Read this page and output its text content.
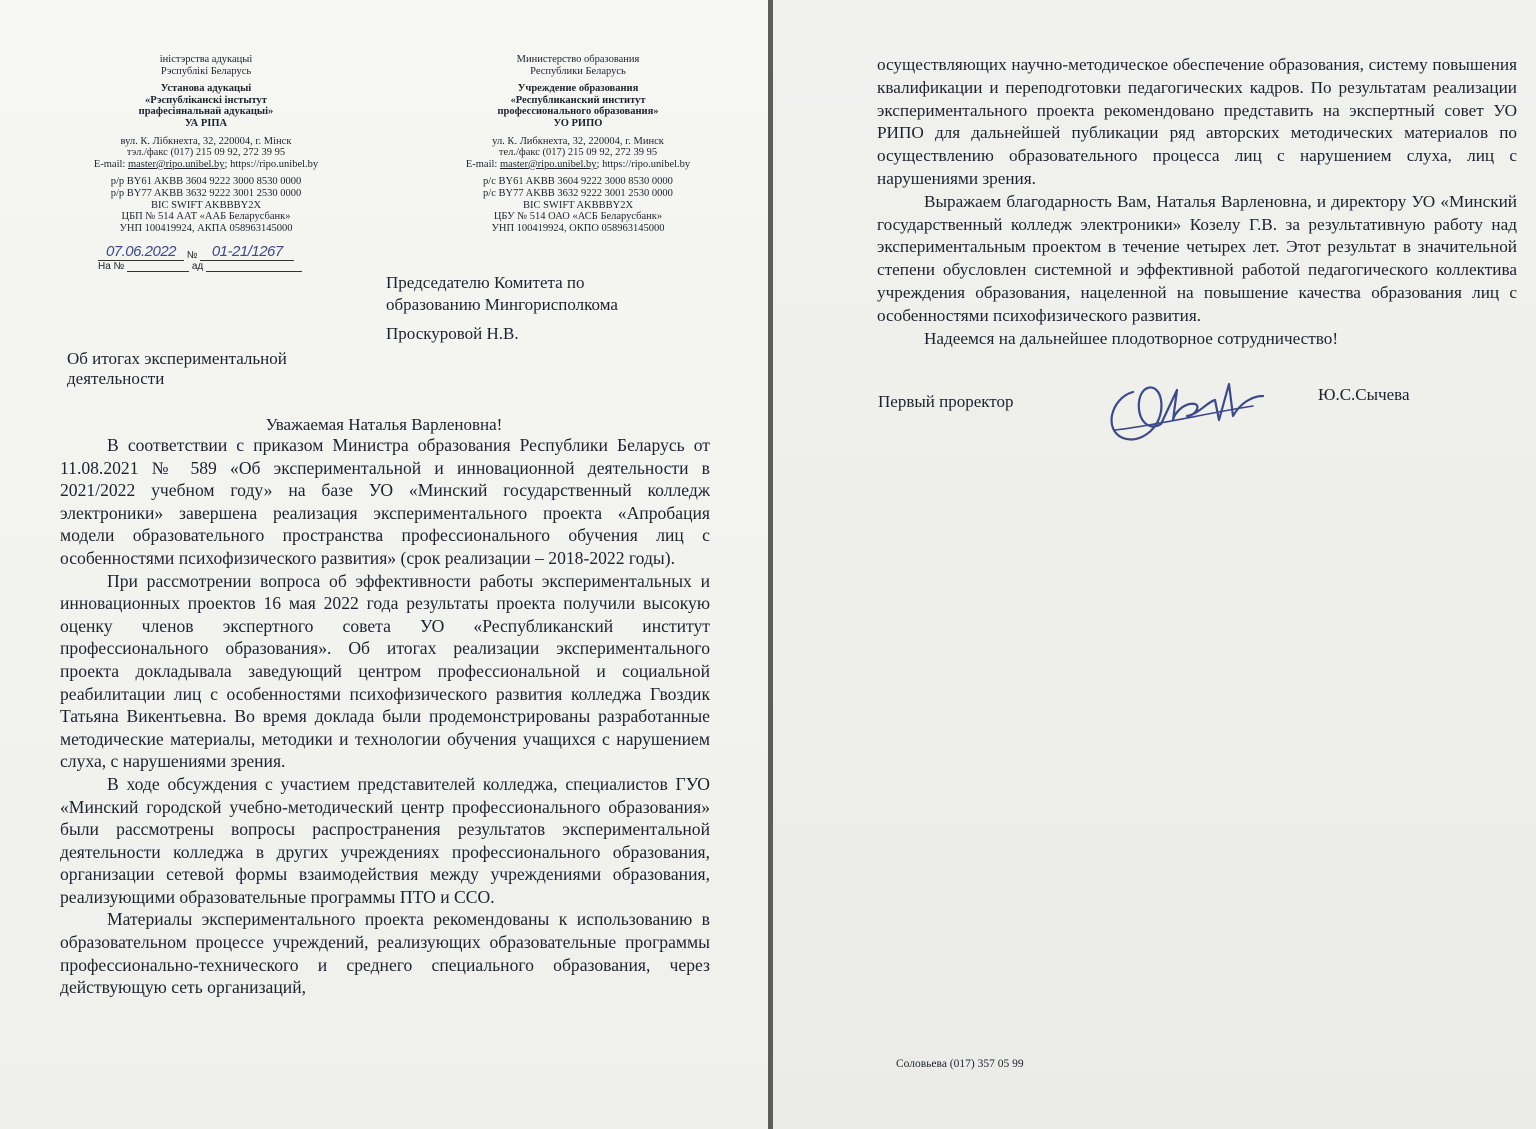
іністэрства адукацыі
Рэспублікі Беларусь
Установа адукацыі
«Рэспубліканскі інстытут
прафесіянальнай адукацыі»
УА РІПА
вул. К. Лібкнехта, 32, 220004, г. Мінск
тэл./факс (017) 215 09 92, 272 39 95
E-mail: master@ripo.unibel.by; https://ripo.unibel.by
р/р BY61 AKBB 3604 9222 3000 8530 0000
р/р BY77 AKBB 3632 9222 3001 2530 0000
BIC SWIFT AKBBBY2X
ЦБП № 514 ААТ «ААБ Беларусбанк»
УНП 100419924, АКПА 058963145000
Министерство образования
Республики Беларусь
Учреждение образования
«Республиканский институт
профессионального образования»
УО РИПО
ул. К. Либкнехта, 32, 220004, г. Минск
тел./факс (017) 215 09 92, 272 39 95
E-mail: master@ripo.unibel.by; https://ripo.unibel.by
р/с BY61 AKBB 3604 9222 3000 8530 0000
р/с BY77 AKBB 3632 9222 3001 2530 0000
BIC SWIFT AKBBBY2X
ЦБУ № 514 ОАО «АСБ Беларусбанк»
УНП 100419924, ОКПО 058963145000
07.06.2022 № 01-21/1267
На №	ад
Председателю Комитета по
образованию Мингорисполкома
Проскуровой Н.В.
Об итогах экспериментальной
деятельности
Уважаемая Наталья Варленовна!

В соответствии с приказом Министра образования Республики Беларусь от 11.08.2021 № 589 «Об экспериментальной и инновационной деятельности в 2021/2022 учебном году» на базе УО «Минский государственный колледж электроники» завершена реализация экспериментального проекта «Апробация модели образовательного пространства профессионального обучения лиц с особенностями психофизического развития» (срок реализации – 2018-2022 годы).

При рассмотрении вопроса об эффективности работы экспериментальных и инновационных проектов 16 мая 2022 года результаты проекта получили высокую оценку членов экспертного совета УО «Республиканский институт профессионального образования». Об итогах реализации экспериментального проекта докладывала заведующий центром профессиональной и социальной реабилитации лиц с особенностями психофизического развития колледжа Гвоздик Татьяна Викентьевна. Во время доклада были продемонстрированы разработанные методические материалы, методики и технологии обучения учащихся с нарушением слуха, с нарушениями зрения.

В ходе обсуждения с участием представителей колледжа, специалистов ГУО «Минский городской учебно-методический центр профессионального образования» были рассмотрены вопросы распространения результатов экспериментальной деятельности колледжа в других учреждениях профессионального образования, организации сетевой формы взаимодействия между учреждениями образования, реализующими образовательные программы ПТО и ССО.

Материалы экспериментального проекта рекомендованы к использованию в образовательном процессе учреждений, реализующих образовательные программы профессионально-технического и среднего специального образования, через действующую сеть организаций,

осуществляющих научно-методическое обеспечение образования, систему повышения квалификации и переподготовки педагогических кадров. По результатам реализации экспериментального проекта рекомендовано представить на экспертный совет УО РИПО для дальнейшей публикации ряд авторских методических материалов по осуществлению образовательного процесса лиц с нарушением слуха, лиц с нарушениями зрения.

Выражаем благодарность Вам, Наталья Варленовна, и директору УО «Минский государственный колледж электроники» Козелу Г.В. за результативную работу над экспериментальным проектом в течение четырех лет. Этот результат в значительной степени обусловлен системной и эффективной работой педагогического коллектива учреждения образования, нацеленной на повышение качества образования лиц с особенностями психофизического развития.

Надеемся на дальнейшее плодотворное сотрудничество!

Первый проректор	Ю.С.Сычева
Соловьева (017) 357 05 99
